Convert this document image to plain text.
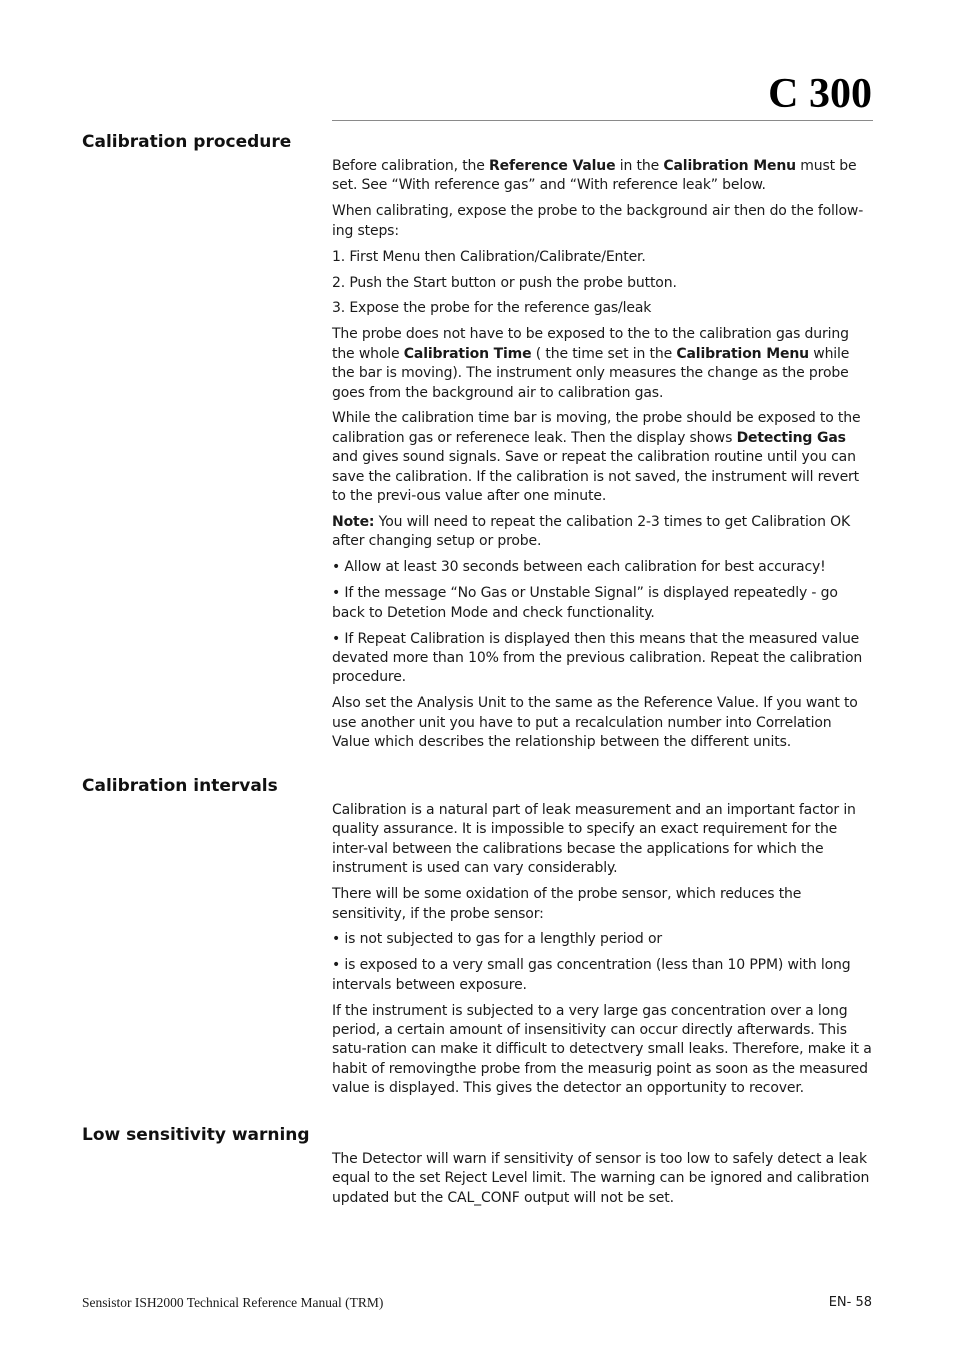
C 300
Calibration procedure

Before calibration, the Reference Value in the Calibration Menu must be set. See “With reference gas” and “With reference leak” below.

When calibrating, expose the probe to the background air then do the follow-ing steps:

1. First Menu then Calibration/Calibrate/Enter.

2. Push the Start button or push the probe button.

3. Expose the probe for the reference gas/leak

The probe does not have to be exposed to the to the calibration gas during the whole Calibration Time ( the time set in the Calibration Menu while the bar is moving). The instrument only measures the change as the probe goes from the background air to calibration gas.

While the calibration time bar is moving, the probe should be exposed to the calibration gas or referenece leak. Then the display shows Detecting Gas and gives sound signals. Save or repeat the calibration routine until you can save the calibration. If the calibration is not saved, the instrument will revert to the previ-ous value after one minute.

Note: You will need to repeat the calibation 2-3 times to get Calibration OK after changing setup or probe.

• Allow at least 30 seconds between each calibration for best accuracy!

• If the message “No Gas or Unstable Signal” is displayed repeatedly - go back to Detetion Mode and check functionality.

• If Repeat Calibration is displayed then this means that the measured value devated more than 10% from the previous calibration. Repeat the calibration procedure.

Also set the Analysis Unit to the same as the Reference Value. If you want to use another unit you have to put a recalculation number into Correlation Value which describes the relationship between the different units.

Calibration intervals

Calibration is a natural part of leak measurement and an important factor in quality assurance. It is impossible to specify an exact requirement for the inter-val between the calibrations becase the applications for which the instrument is used can vary considerably.

There will be some oxidation of the probe sensor, which reduces the sensitivity, if the probe sensor:

• is not subjected to gas for a lengthly period or

• is exposed to a very small gas concentration (less than 10 PPM) with long intervals between exposure.

If the instrument is subjected to a very large gas concentration over a long period, a certain amount of insensitivity can occur directly afterwards. This satu-ration can make it difficult to detectvery small leaks. Therefore, make it a habit of removingthe probe from the measurig point as soon as the measured value is displayed. This gives the detector an opportunity to recover.

Low sensitivity warning

The Detector will warn if sensitivity of sensor is too low to safely detect a leak equal to the set Reject Level limit. The warning can be ignored and calibration updated but the CAL_CONF output will not be set.

Sensistor ISH2000 Technical Reference Manual (TRM)	EN- 58
